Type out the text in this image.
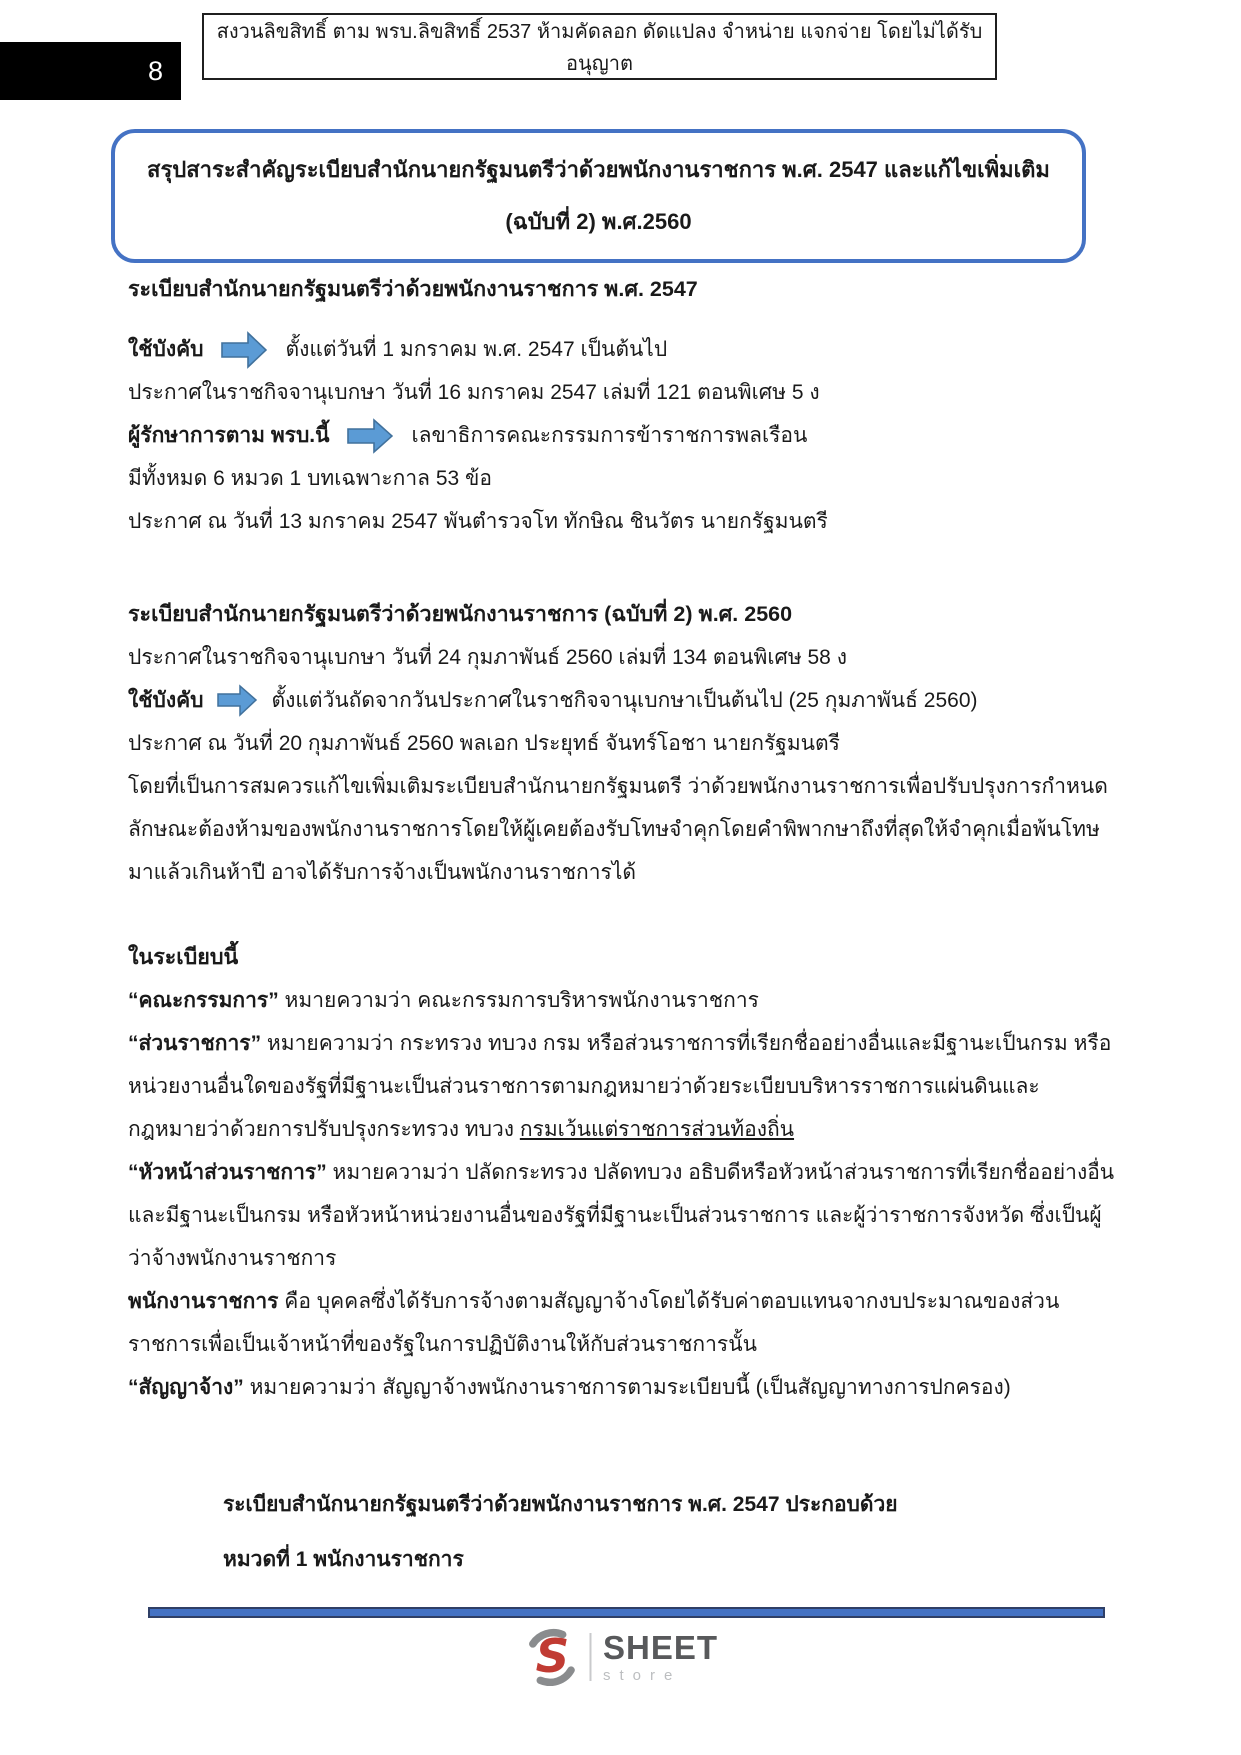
8
สงวนลิขสิทธิ์ ตาม พรบ.ลิขสิทธิ์ 2537 ห้ามคัดลอก ดัดแปลง จำหน่าย แจกจ่าย โดยไม่ได้รับอนุญาต
สรุปสาระสำคัญระเบียบสำนักนายกรัฐมนตรีว่าด้วยพนักงานราชการ พ.ศ. 2547 และแก้ไขเพิ่มเติม
(ฉบับที่ 2) พ.ศ.2560
ระเบียบสำนักนายกรัฐมนตรีว่าด้วยพนักงานราชการ พ.ศ. 2547
ใช้บังคับ	ตั้งแต่วันที่ 1 มกราคม พ.ศ. 2547 เป็นต้นไป
ประกาศในราชกิจจานุเบกษา วันที่ 16 มกราคม 2547 เล่มที่ 121 ตอนพิเศษ 5 ง
ผู้รักษาการตาม พรบ.นี้	เลขาธิการคณะกรรมการข้าราชการพลเรือน
มีทั้งหมด 6 หมวด 1 บทเฉพาะกาล 53 ข้อ
ประกาศ ณ วันที่ 13 มกราคม 2547 พันตำรวจโท ทักษิณ ชินวัตร นายกรัฐมนตรี
ระเบียบสำนักนายกรัฐมนตรีว่าด้วยพนักงานราชการ (ฉบับที่ 2) พ.ศ. 2560
ประกาศในราชกิจจานุเบกษา วันที่ 24 กุมภาพันธ์ 2560 เล่มที่ 134 ตอนพิเศษ 58 ง
ใช้บังคับ	ตั้งแต่วันถัดจากวันประกาศในราชกิจจานุเบกษาเป็นต้นไป (25 กุมภาพันธ์ 2560)
ประกาศ ณ วันที่ 20 กุมภาพันธ์ 2560 พลเอก ประยุทธ์ จันทร์โอชา นายกรัฐมนตรี
โดยที่เป็นการสมควรแก้ไขเพิ่มเติมระเบียบสำนักนายกรัฐมนตรี ว่าด้วยพนักงานราชการเพื่อปรับปรุงการกำหนดลักษณะต้องห้ามของพนักงานราชการโดยให้ผู้เคยต้องรับโทษจำคุกโดยคำพิพากษาถึงที่สุดให้จำคุกเมื่อพ้นโทษมาแล้วเกินห้าปี อาจได้รับการจ้างเป็นพนักงานราชการได้
ในระเบียบนี้
“คณะกรรมการ” หมายความว่า คณะกรรมการบริหารพนักงานราชการ
“ส่วนราชการ” หมายความว่า กระทรวง ทบวง กรม หรือส่วนราชการที่เรียกชื่ออย่างอื่นและมีฐานะเป็นกรม หรือหน่วยงานอื่นใดของรัฐที่มีฐานะเป็นส่วนราชการตามกฎหมายว่าด้วยระเบียบบริหารราชการแผ่นดินและกฎหมายว่าด้วยการปรับปรุงกระทรวง ทบวง กรมเว้นแต่ราชการส่วนท้องถิ่น
“หัวหน้าส่วนราชการ” หมายความว่า ปลัดกระทรวง ปลัดทบวง อธิบดีหรือหัวหน้าส่วนราชการที่เรียกชื่ออย่างอื่นและมีฐานะเป็นกรม หรือหัวหน้าหน่วยงานอื่นของรัฐที่มีฐานะเป็นส่วนราชการ และผู้ว่าราชการจังหวัด ซึ่งเป็นผู้ว่าจ้างพนักงานราชการ
พนักงานราชการ คือ บุคคลซึ่งได้รับการจ้างตามสัญญาจ้างโดยได้รับค่าตอบแทนจากงบประมาณของส่วนราชการเพื่อเป็นเจ้าหน้าที่ของรัฐในการปฏิบัติงานให้กับส่วนราชการนั้น
“สัญญาจ้าง” หมายความว่า สัญญาจ้างพนักงานราชการตามระเบียบนี้ (เป็นสัญญาทางการปกครอง)
ระเบียบสำนักนายกรัฐมนตรีว่าด้วยพนักงานราชการ พ.ศ. 2547 ประกอบด้วย
หมวดที่ 1 พนักงานราชการ
S SHEET
store
